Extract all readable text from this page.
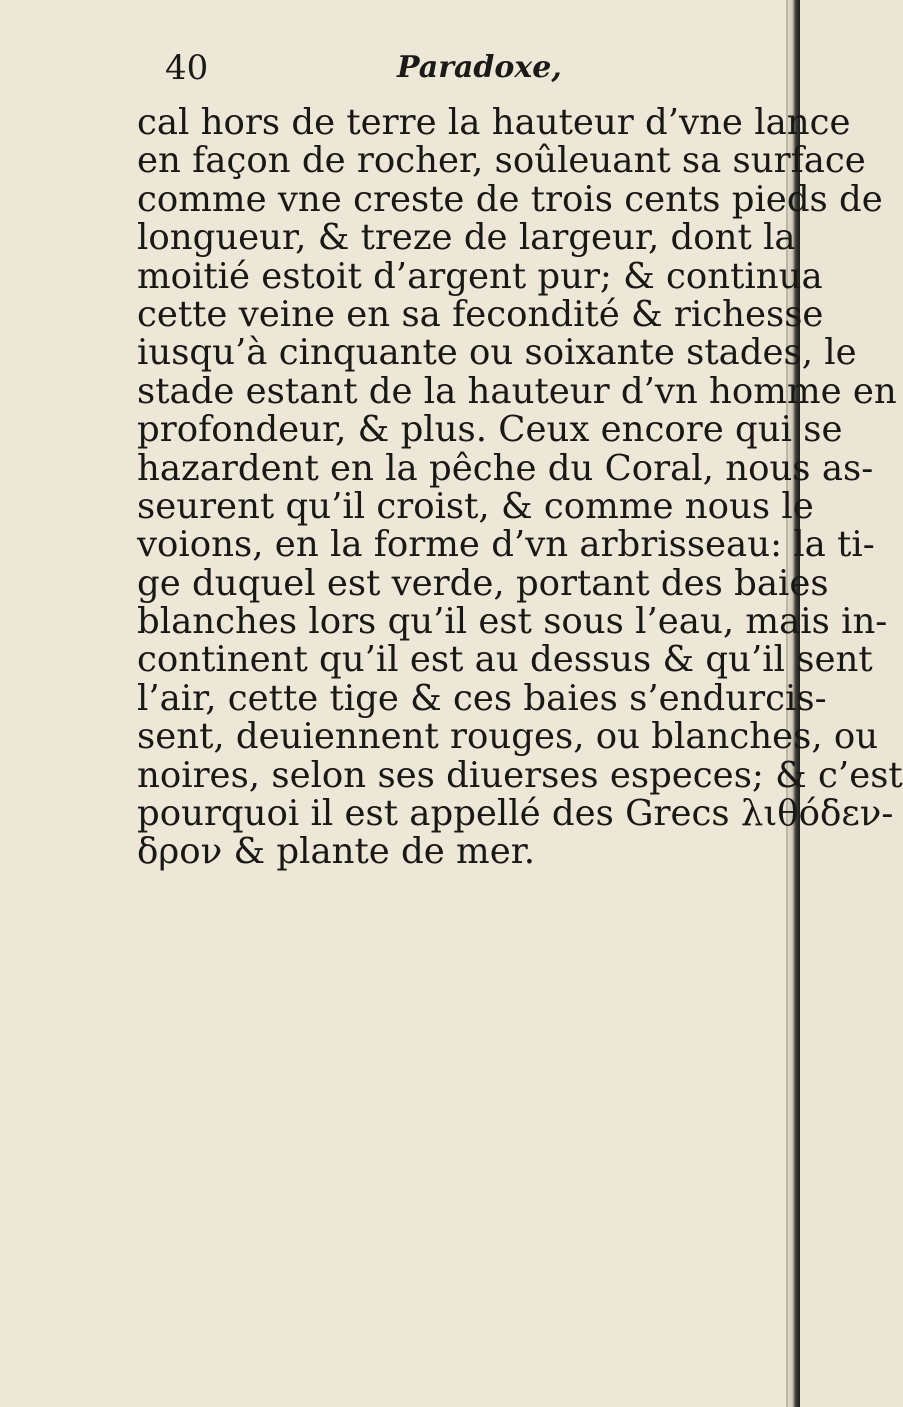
40	Paradoxe,
cal hors de terre la hauteur d’vne lance
en façon de rocher, soûleuant sa surface
comme vne creste de trois cents pieds de
longueur, & treze de largeur, dont la
moitié estoit d’argent pur; & continua
cette veine en sa fecondité & richesse
iusqu’à cinquante ou soixante stades, le
stade estant de la hauteur d’vn homme en
profondeur, & plus. Ceux encore qui se
hazardent en la pêche du Coral, nous as-
seurent qu’il croist, & comme nous le
voions, en la forme d’vn arbrisseau: la ti-
ge duquel est verde, portant des baies
blanches lors qu’il est sous l’eau, mais in-
continent qu’il est au dessus & qu’il sent
l’air, cette tige & ces baies s’endurcis-
sent, deuiennent rouges, ou blanches, ou
noires, selon ses diuerses especes; & c’est
pourquoi il est appellé des Grecs λιθόδεν-
δρον & plante de mer.
